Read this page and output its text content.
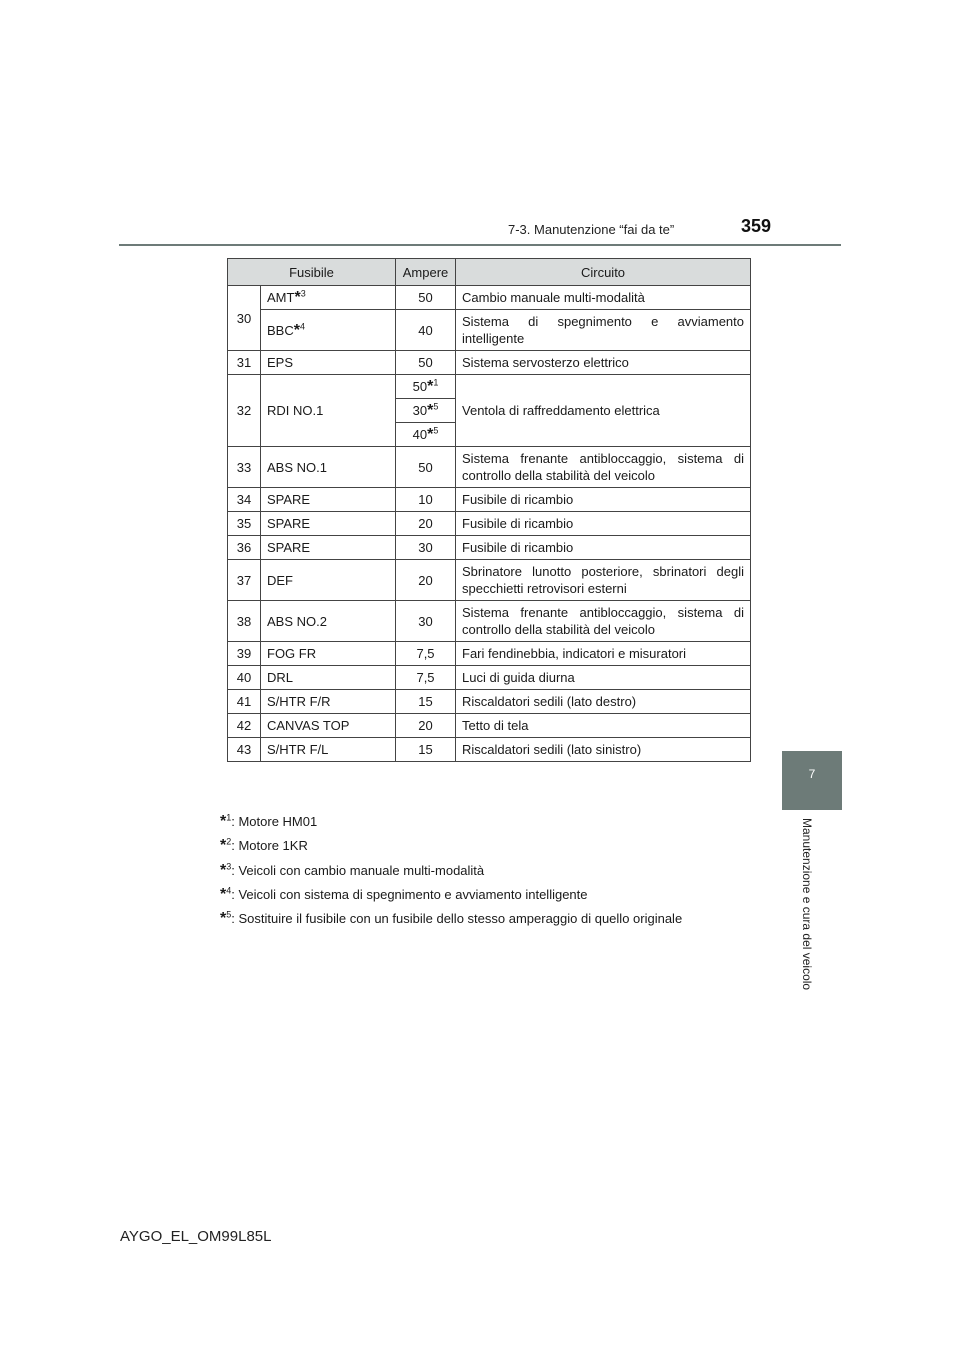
7-3. Manutenzione “fai da te”	359
7
Manutenzione e cura del veicolo
Fusibile		Ampere	Circuito
30	AMT*$^3$	50	Cambio manuale multi-modalità
	BBC*$^4$	40	Sistema di spegnimento e avviamento intelligente
31	EPS	50	Sistema servosterzo elettrico
32	RDI NO.1	50*$^1$	Ventola di raffreddamento elettrica
		30*$^5$
		40*$^5$
33	ABS NO.1	50	Sistema frenante antibloccaggio, sistema di controllo della stabilità del veicolo
34	SPARE	10	Fusibile di ricambio
35	SPARE	20	Fusibile di ricambio
36	SPARE	30	Fusibile di ricambio
37	DEF	20	Sbrinatore lunotto posteriore, sbrinatori degli specchietti retrovisori esterni
38	ABS NO.2	30	Sistema frenante antibloccaggio, sistema di controllo della stabilità del veicolo
39	FOG FR	7,5	Fari fendinebbia, indicatori e misuratori
40	DRL	7,5	Luci di guida diurna
41	S/HTR F/R	15	Riscaldatori sedili (lato destro)
42	CANVAS TOP	20	Tetto di tela
43	S/HTR F/L	15	Riscaldatori sedili (lato sinistro)
*$^1$: Motore HM01
*$^2$: Motore 1KR
*$^3$: Veicoli con cambio manuale multi-modalità
*$^4$: Veicoli con sistema di spegnimento e avviamento intelligente
*$^5$: Sostituire il fusibile con un fusibile dello stesso amperaggio di quello originale
AYGO_EL_OM99L85L
